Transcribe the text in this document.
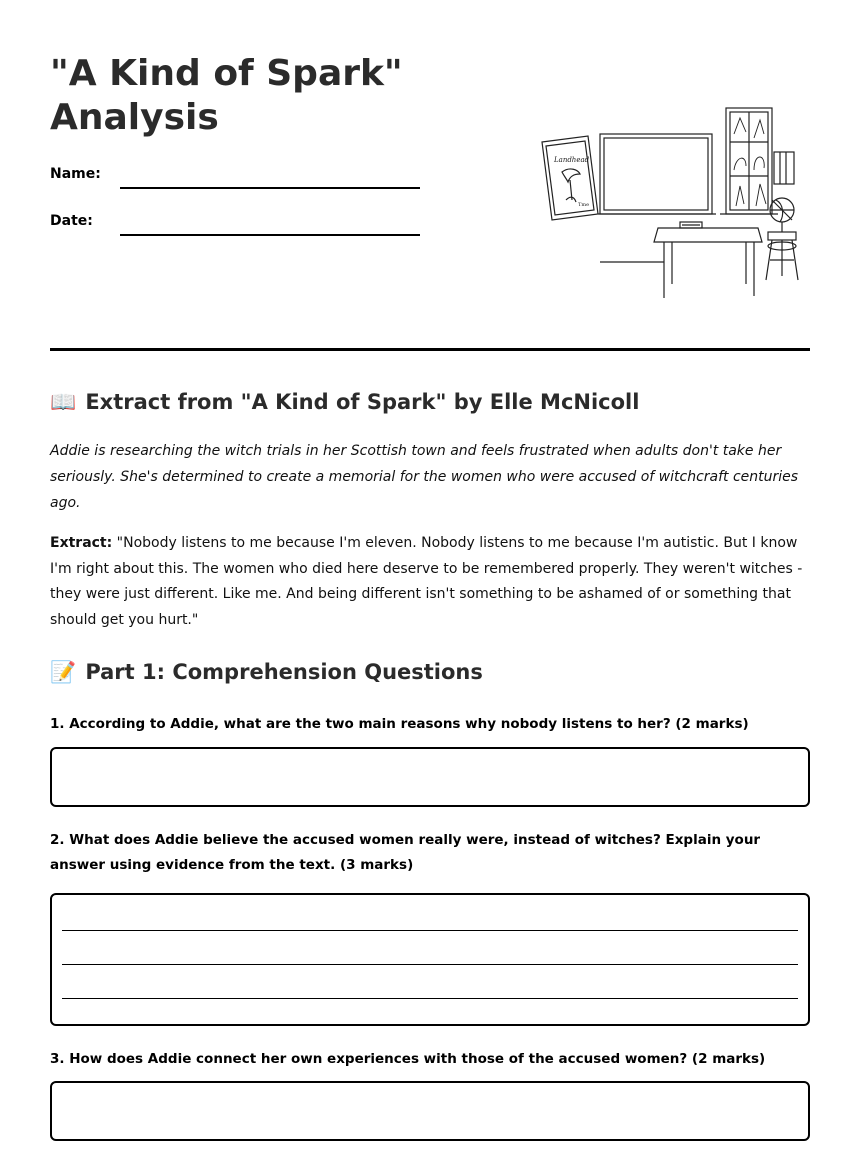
"A Kind of Spark"
Analysis
Name:
Date:
Landhead
Tme
📖 Extract from "A Kind of Spark" by Elle McNicoll

Addie is researching the witch trials in her Scottish town and feels frustrated when adults don't take her seriously. She's determined to create a memorial for the women who were accused of witchcraft centuries ago.

Extract: "Nobody listens to me because I'm eleven. Nobody listens to me because I'm autistic. But I know I'm right about this. The women who died here deserve to be remembered properly. They weren't witches - they were just different. Like me. And being different isn't something to be ashamed of or something that should get you hurt."

📝 Part 1: Comprehension Questions
1. According to Addie, what are the two main reasons why nobody listens to her? (2 marks)
2. What does Addie believe the accused women really were, instead of witches? Explain your answer using evidence from the text. (3 marks)
3. How does Addie connect her own experiences with those of the accused women? (2 marks)
